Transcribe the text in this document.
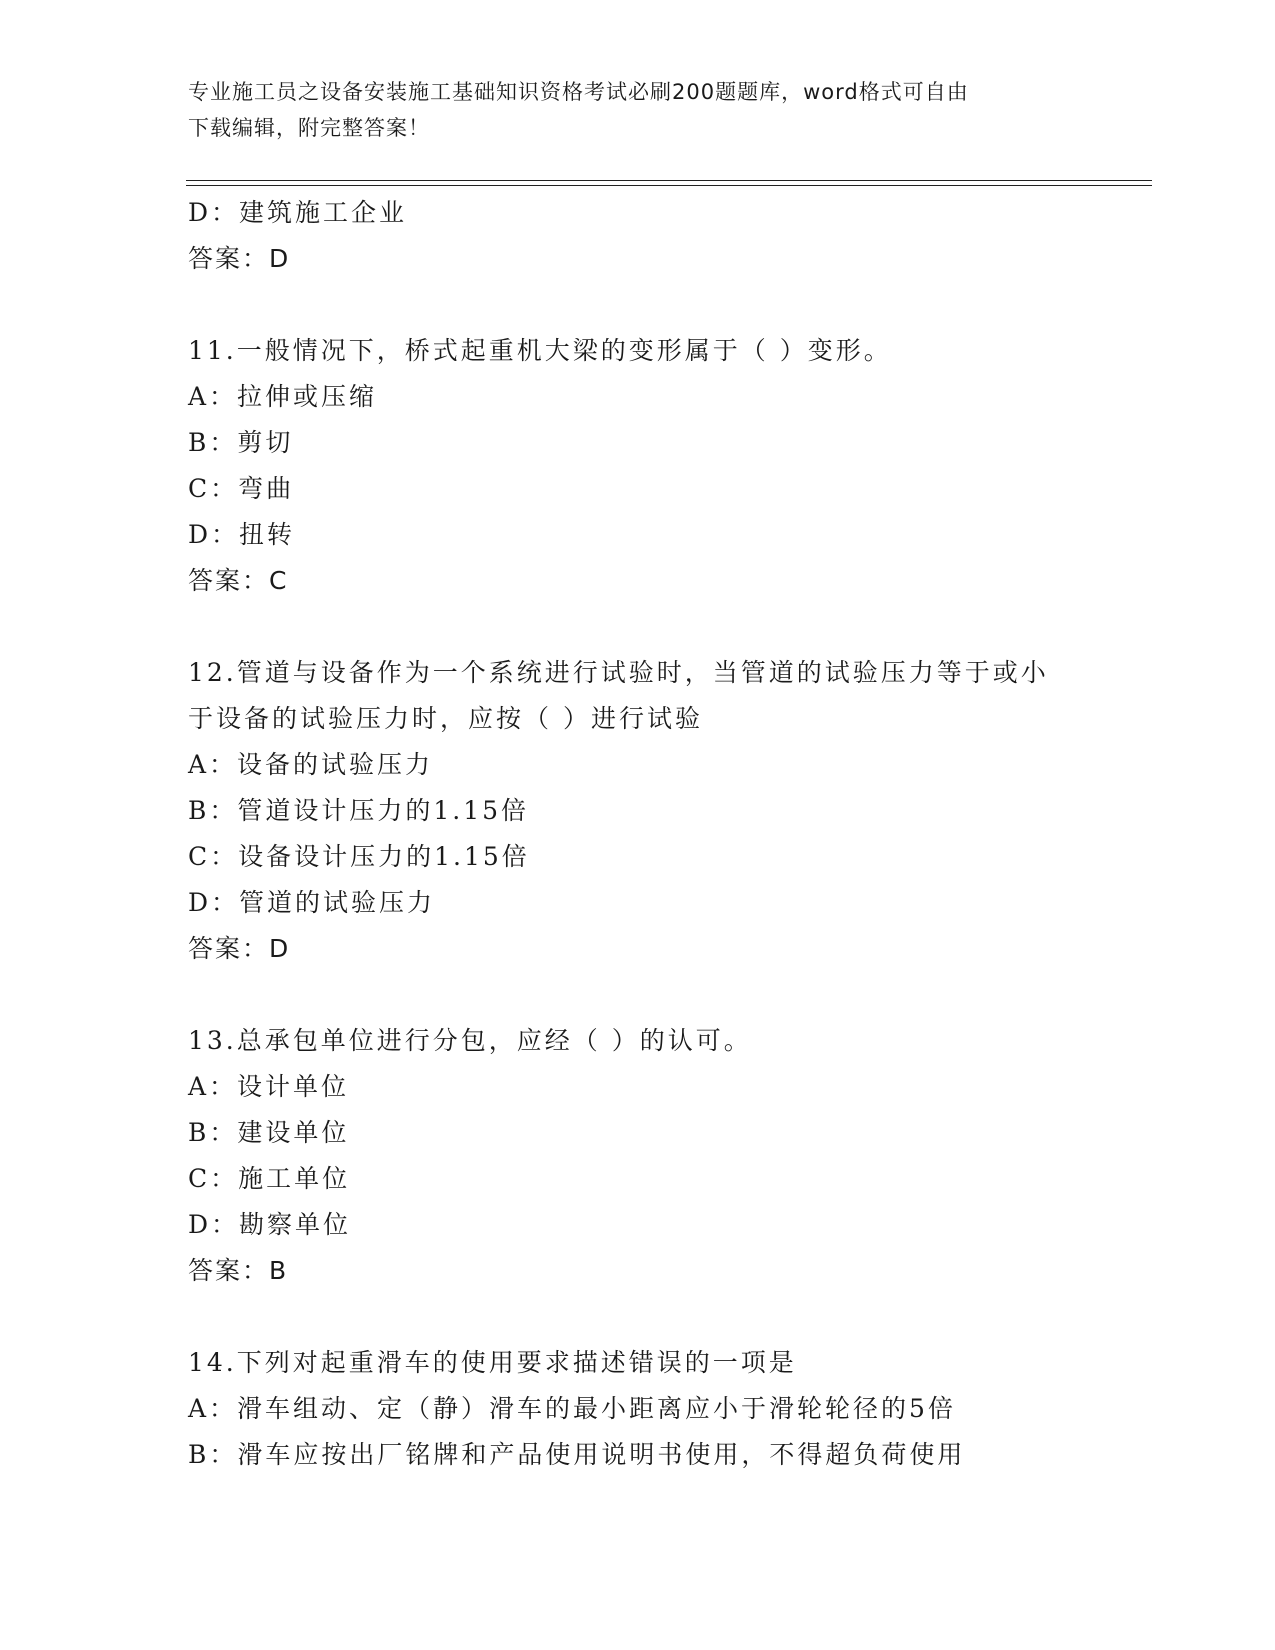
专业施工员之设备安装施工基础知识资格考试必刷200题题库，word格式可自由
下载编辑，附完整答案！
D：建筑施工企业
答案：D
11.一般情况下，桥式起重机大梁的变形属于（ ）变形。
A：拉伸或压缩
B：剪切
C：弯曲
D：扭转
答案：C
12.管道与设备作为一个系统进行试验时，当管道的试验压力等于或小
于设备的试验压力时，应按（ ）进行试验
A：设备的试验压力
B：管道设计压力的1.15倍
C：设备设计压力的1.15倍
D：管道的试验压力
答案：D
13.总承包单位进行分包，应经（ ）的认可。
A：设计单位
B：建设单位
C：施工单位
D：勘察单位
答案：B
14.下列对起重滑车的使用要求描述错误的一项是
A：滑车组动、定（静）滑车的最小距离应小于滑轮轮径的5倍
B：滑车应按出厂铭牌和产品使用说明书使用，不得超负荷使用
